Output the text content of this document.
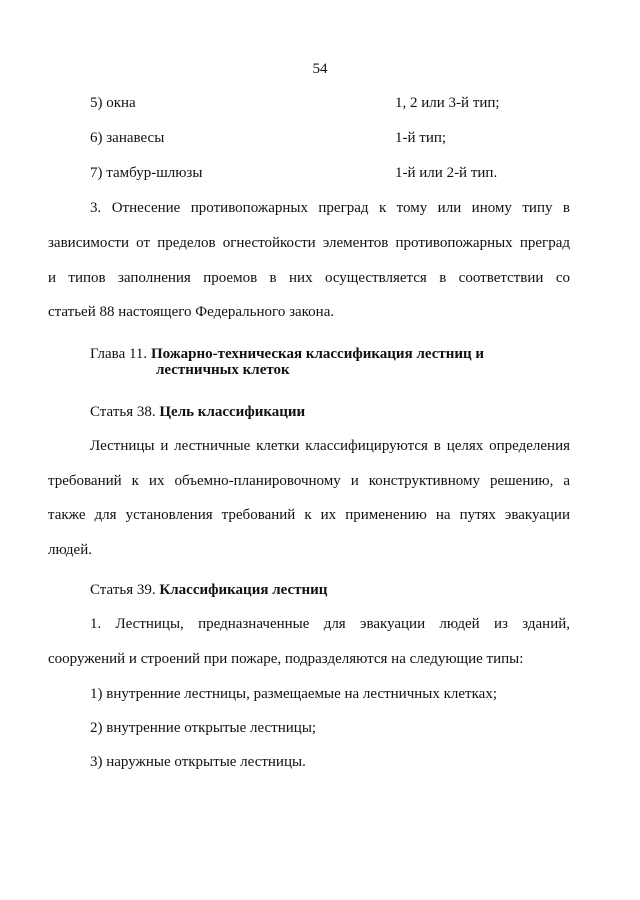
54
5) окна	1, 2 или 3-й тип;
6) занавесы	1-й тип;
7) тамбур-шлюзы	1-й или 2-й тип.
3. Отнесение противопожарных преград к тому или иному типу в
зависимости от пределов огнестойкости элементов противопожарных преград
и типов заполнения проемов в них осуществляется в соответствии со
статьей 88 настоящего Федерального закона.
Глава 11. Пожарно-техническая классификация лестниц и
лестничных клеток
Статья 38. Цель классификации
Лестницы и лестничные клетки классифицируются в целях определения
требований к их объемно-планировочному и конструктивному решению, а
также для установления требований к их применению на путях эвакуации
людей.
Статья 39. Классификация лестниц
1. Лестницы, предназначенные для эвакуации людей из зданий,
сооружений и строений при пожаре, подразделяются на следующие типы:
1) внутренние лестницы, размещаемые на лестничных клетках;
2) внутренние открытые лестницы;
3) наружные открытые лестницы.
